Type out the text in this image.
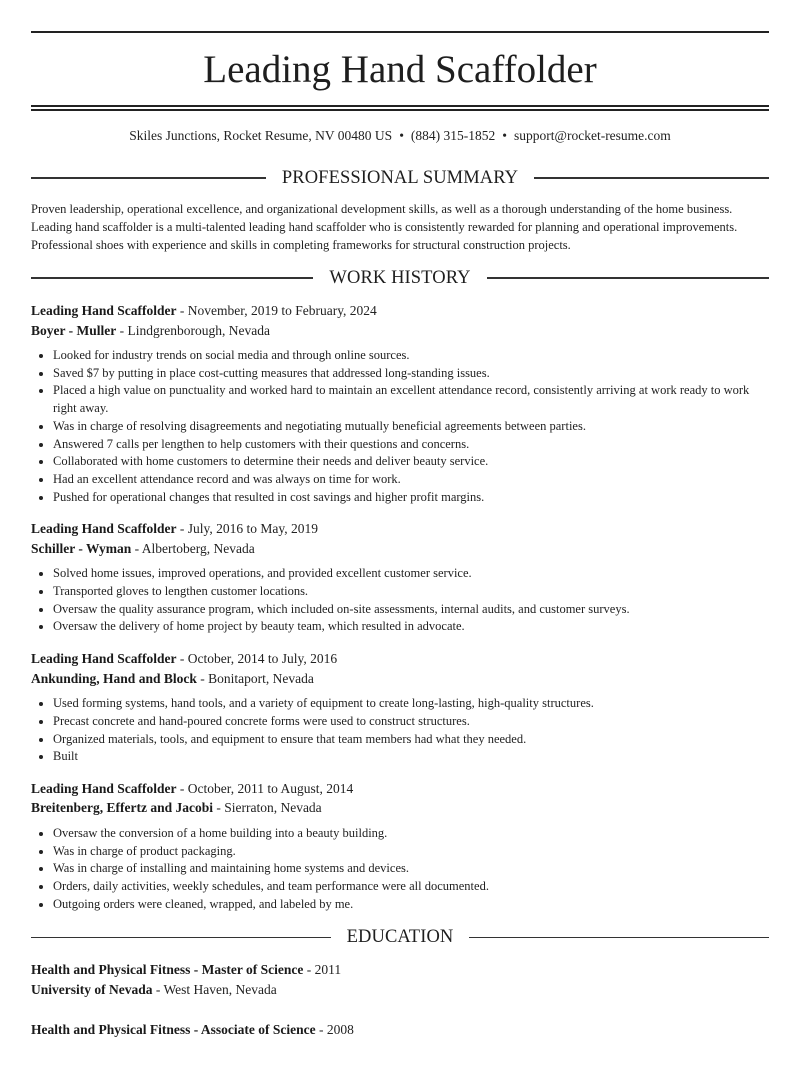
Leading Hand Scaffolder
Skiles Junctions, Rocket Resume, NV 00480 US • (884) 315-1852 • support@rocket-resume.com
PROFESSIONAL SUMMARY

Proven leadership, operational excellence, and organizational development skills, as well as a thorough understanding of the home business. Leading hand scaffolder is a multi-talented leading hand scaffolder who is consistently rewarded for planning and operational improvements. Professional shoes with experience and skills in completing frameworks for structural construction projects.

WORK HISTORY
Leading Hand Scaffolder - November, 2019 to February, 2024
Boyer - Muller - Lindgrenborough, Nevada
• Looked for industry trends on social media and through online sources.
• Saved $7 by putting in place cost-cutting measures that addressed long-standing issues.
• Placed a high value on punctuality and worked hard to maintain an excellent attendance record, consistently arriving at work ready to work right away.
• Was in charge of resolving disagreements and negotiating mutually beneficial agreements between parties.
• Answered 7 calls per lengthen to help customers with their questions and concerns.
• Collaborated with home customers to determine their needs and deliver beauty service.
• Had an excellent attendance record and was always on time for work.
• Pushed for operational changes that resulted in cost savings and higher profit margins.
Leading Hand Scaffolder - July, 2016 to May, 2019
Schiller - Wyman - Albertoberg, Nevada
• Solved home issues, improved operations, and provided excellent customer service.
• Transported gloves to lengthen customer locations.
• Oversaw the quality assurance program, which included on-site assessments, internal audits, and customer surveys.
• Oversaw the delivery of home project by beauty team, which resulted in advocate.
Leading Hand Scaffolder - October, 2014 to July, 2016
Ankunding, Hand and Block - Bonitaport, Nevada
• Used forming systems, hand tools, and a variety of equipment to create long-lasting, high-quality structures.
• Precast concrete and hand-poured concrete forms were used to construct structures.
• Organized materials, tools, and equipment to ensure that team members had what they needed.
• Built
Leading Hand Scaffolder - October, 2011 to August, 2014
Breitenberg, Effertz and Jacobi - Sierraton, Nevada
• Oversaw the conversion of a home building into a beauty building.
• Was in charge of product packaging.
• Was in charge of installing and maintaining home systems and devices.
• Orders, daily activities, weekly schedules, and team performance were all documented.
• Outgoing orders were cleaned, wrapped, and labeled by me.
EDUCATION
Health and Physical Fitness - Master of Science - 2011
University of Nevada - West Haven, Nevada
Health and Physical Fitness - Associate of Science - 2008
